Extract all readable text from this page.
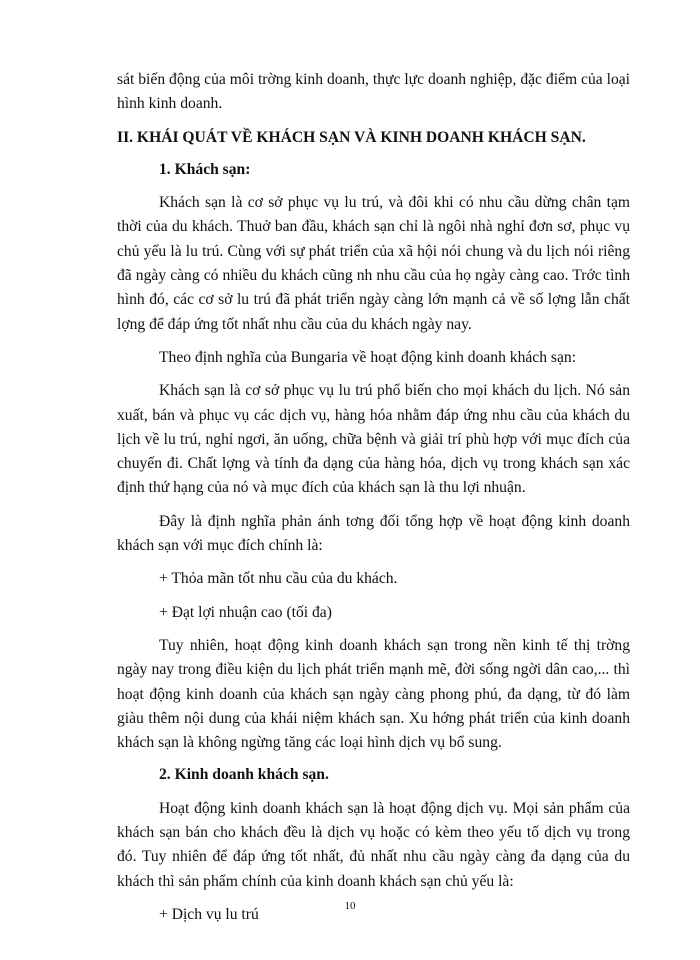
sát biến động của môi trờng kinh doanh, thực lực doanh nghiệp, đặc điểm của loại hình kinh doanh.

II. KHÁI QUÁT VỀ KHÁCH SẠN VÀ KINH DOANH KHÁCH SẠN.
1. Khách sạn:

Khách sạn là cơ sở phục vụ lu trú, và đôi khi có nhu cầu dừng chân tạm thời của du khách. Thuở ban đầu, khách sạn chỉ là ngôi nhà nghỉ đơn sơ, phục vụ chủ yếu là lu trú. Cùng với sự phát triển của xã hội nói chung và du lịch nói riêng đã ngày càng có nhiều du khách cũng nh nhu cầu của họ ngày càng cao. Trớc tình hình đó, các cơ sở lu trú đã phát triển ngày càng lớn mạnh cả về số lợng lẫn chất lợng để đáp ứng tốt nhất nhu cầu của du khách ngày nay.

Theo định nghĩa của Bungaria về hoạt động kinh doanh khách sạn:

Khách sạn là cơ sở phục vụ lu trú phổ biến cho mọi khách du lịch. Nó sản xuất, bán và phục vụ các dịch vụ, hàng hóa nhằm đáp ứng nhu cầu của khách du lịch về lu trú, nghỉ ngơi, ăn uống, chữa bệnh và giải trí phù hợp với mục đích của chuyến đi. Chất lợng và tính đa dạng của hàng hóa, dịch vụ trong khách sạn xác định thứ hạng của nó và mục đích của khách sạn là thu lợi nhuận.

Đây là định nghĩa phản ánh tơng đối tổng hợp về hoạt động kinh doanh khách sạn với mục đích chính là:

+ Thỏa mãn tốt nhu cầu của du khách.

+ Đạt lợi nhuận cao (tối đa)

Tuy nhiên, hoạt động kinh doanh khách sạn trong nền kinh tế thị trờng ngày nay trong điều kiện du lịch phát triển mạnh mẽ, đời sống ngời dân cao,... thì hoạt động kinh doanh của khách sạn ngày càng phong phú, đa dạng, từ đó làm giàu thêm nội dung của khái niệm khách sạn. Xu hớng phát triển của kinh doanh khách sạn là không ngừng tăng các loại hình dịch vụ bổ sung.

2. Kinh doanh khách sạn.

Hoạt động kinh doanh khách sạn là hoạt động dịch vụ. Mọi sản phẩm của khách sạn bán cho khách đều là dịch vụ hoặc có kèm theo yếu tố dịch vụ trong đó. Tuy nhiên để đáp ứng tốt nhất, đủ nhất nhu cầu ngày càng đa dạng của du khách thì sản phẩm chính của kinh doanh khách sạn chủ yếu là:

+ Dịch vụ lu trú	10
